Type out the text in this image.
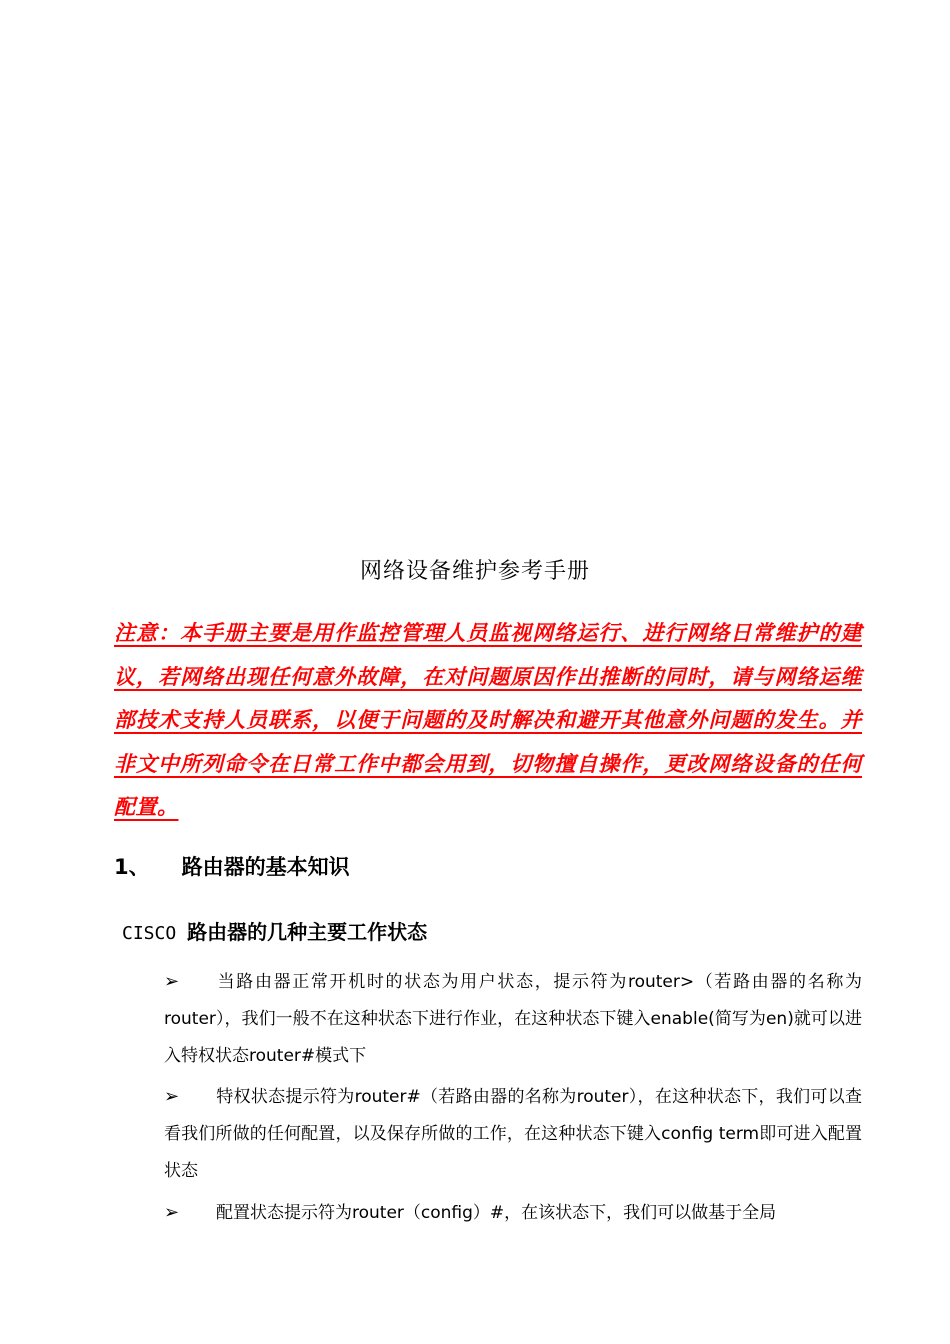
网络设备维护参考手册
注意：本手册主要是用作监控管理人员监视网络运行、进行网络日常维护的建议，若网络出现任何意外故障，在对问题原因作出推断的同时，请与网络运维部技术支持人员联系，以便于问题的及时解决和避开其他意外问题的发生。并非文中所列命令在日常工作中都会用到，切物擅自操作，更改网络设备的任何配置。
1、 路由器的基本知识
CISCO 路由器的几种主要工作状态
➢ 当路由器正常开机时的状态为用户状态，提示符为router>（若路由器的名称为router），我们一般不在这种状态下进行作业，在这种状态下键入enable(简写为en)就可以进入特权状态router#模式下
➢ 特权状态提示符为router#（若路由器的名称为router），在这种状态下，我们可以查看我们所做的任何配置，以及保存所做的工作，在这种状态下键入config term即可进入配置状态
➢ 配置状态提示符为router（config）#，在该状态下，我们可以做基于全局
